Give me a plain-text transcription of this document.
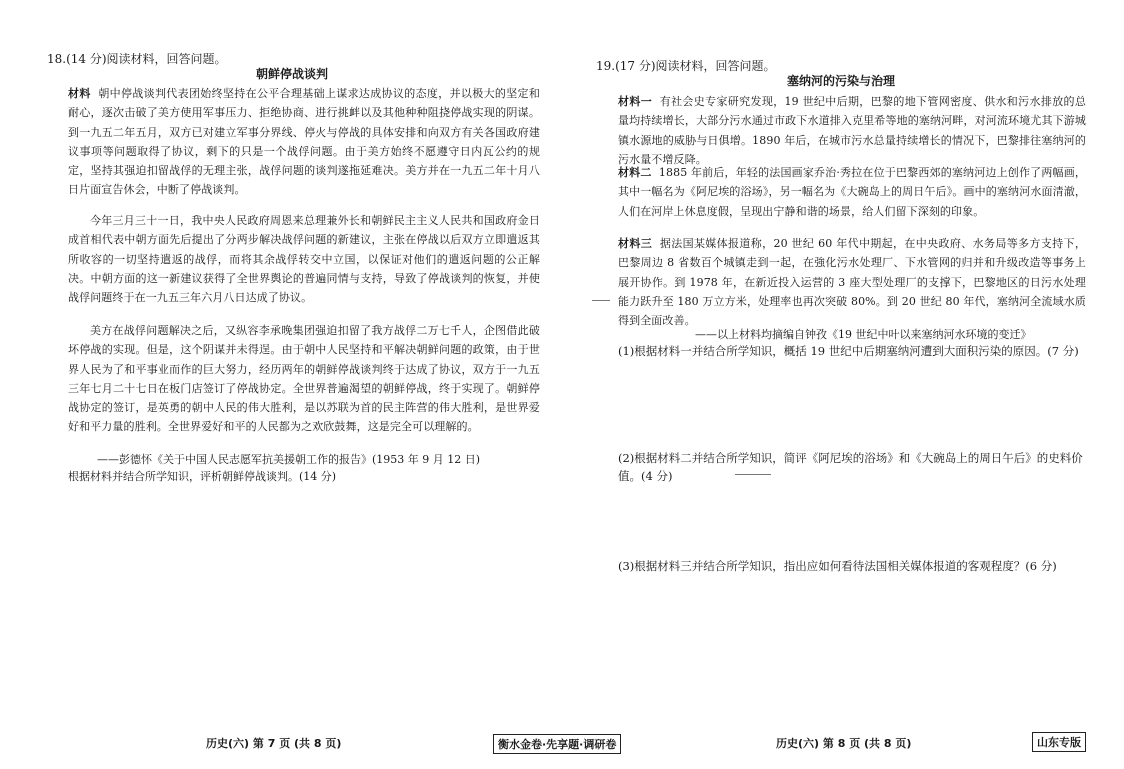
18.(14 分)阅读材料，回答问题。
朝鲜停战谈判
材料 朝中停战谈判代表团始终坚持在公平合理基础上谋求达成协议的态度，并以极大的坚定和耐心，逐次击破了美方使用军事压力、拒绝协商、进行挑衅以及其他种种阻挠停战实现的阴谋。到一九五二年五月，双方已对建立军事分界线、停火与停战的具体安排和向双方有关各国政府建议事项等问题取得了协议，剩下的只是一个战俘问题。由于美方始终不愿遵守日内瓦公约的规定，坚持其强迫扣留战俘的无理主张，战俘问题的谈判遂拖延难决。美方并在一九五二年十月八日片面宣告休会，中断了停战谈判。
今年三月三十一日，我中央人民政府周恩来总理兼外长和朝鲜民主主义人民共和国政府金日成首相代表中朝方面先后提出了分两步解决战俘问题的新建议，主张在停战以后双方立即遣返其所收容的一切坚持遣返的战俘，而将其余战俘转交中立国，以保证对他们的遣返问题的公正解决。中朝方面的这一新建议获得了全世界舆论的普遍同情与支持，导致了停战谈判的恢复，并使战俘问题终于在一九五三年六月八日达成了协议。
美方在战俘问题解决之后，又纵容李承晚集团强迫扣留了我方战俘二万七千人，企图借此破坏停战的实现。但是，这个阴谋并未得逞。由于朝中人民坚持和平解决朝鲜问题的政策，由于世界人民为了和平事业而作的巨大努力，经历两年的朝鲜停战谈判终于达成了协议，双方于一九五三年七月二十七日在板门店签订了停战协定。全世界普遍渴望的朝鲜停战，终于实现了。朝鲜停战协定的签订，是英勇的朝中人民的伟大胜利，是以苏联为首的民主阵营的伟大胜利，是世界爱好和平力量的胜利。全世界爱好和平的人民都为之欢欣鼓舞，这是完全可以理解的。
——彭德怀《关于中国人民志愿军抗美援朝工作的报告》(1953 年 9 月 12 日)
根据材料并结合所学知识，评析朝鲜停战谈判。(14 分)
历史(六) 第 7 页 (共 8 页)	衡水金卷·先享题·调研卷
19.(17 分)阅读材料，回答问题。
塞纳河的污染与治理
材料一 有社会史专家研究发现，19 世纪中后期，巴黎的地下管网密度、供水和污水排放的总量均持续增长，大部分污水通过市政下水道排入克里希等地的塞纳河畔，对河流环境尤其下游城镇水源地的威胁与日俱增。1890 年后，在城市污水总量持续增长的情况下，巴黎排往塞纳河的污水量不增反降。
材料二 1885 年前后，年轻的法国画家乔治·秀拉在位于巴黎西郊的塞纳河边上创作了两幅画，其中一幅名为《阿尼埃的浴场》，另一幅名为《大碗岛上的周日午后》。画中的塞纳河水面清澈，人们在河岸上休息度假，呈现出宁静和谐的场景，给人们留下深刻的印象。
材料三 据法国某媒体报道称，20 世纪 60 年代中期起，在中央政府、水务局等多方支持下，巴黎周边 8 省数百个城镇走到一起，在強化污水处理厂、下水管网的归并和升级改造等事务上展开协作。到 1978 年，在新近投入运营的 3 座大型处理厂的支撑下，巴黎地区的日污水处理能力跃升至 180 万立方米，处理率也再次突破 80%。到 20 世纪 80 年代，塞纳河全流域水质得到全面改善。
——以上材料均摘编自钟孜《19 世纪中叶以来塞纳河水环境的变迁》
(1)根据材料一并结合所学知识，概括 19 世纪中后期塞纳河遭到大面积污染的原因。(7 分)
(2)根据材料二并结合所学知识，简评《阿尼埃的浴场》和《大碗岛上的周日午后》的史料价值。(4 分)
(3)根据材料三并结合所学知识，指出应如何看待法国相关媒体报道的客观程度？(6 分)
历史(六) 第 8 页 (共 8 页)	山东专版
